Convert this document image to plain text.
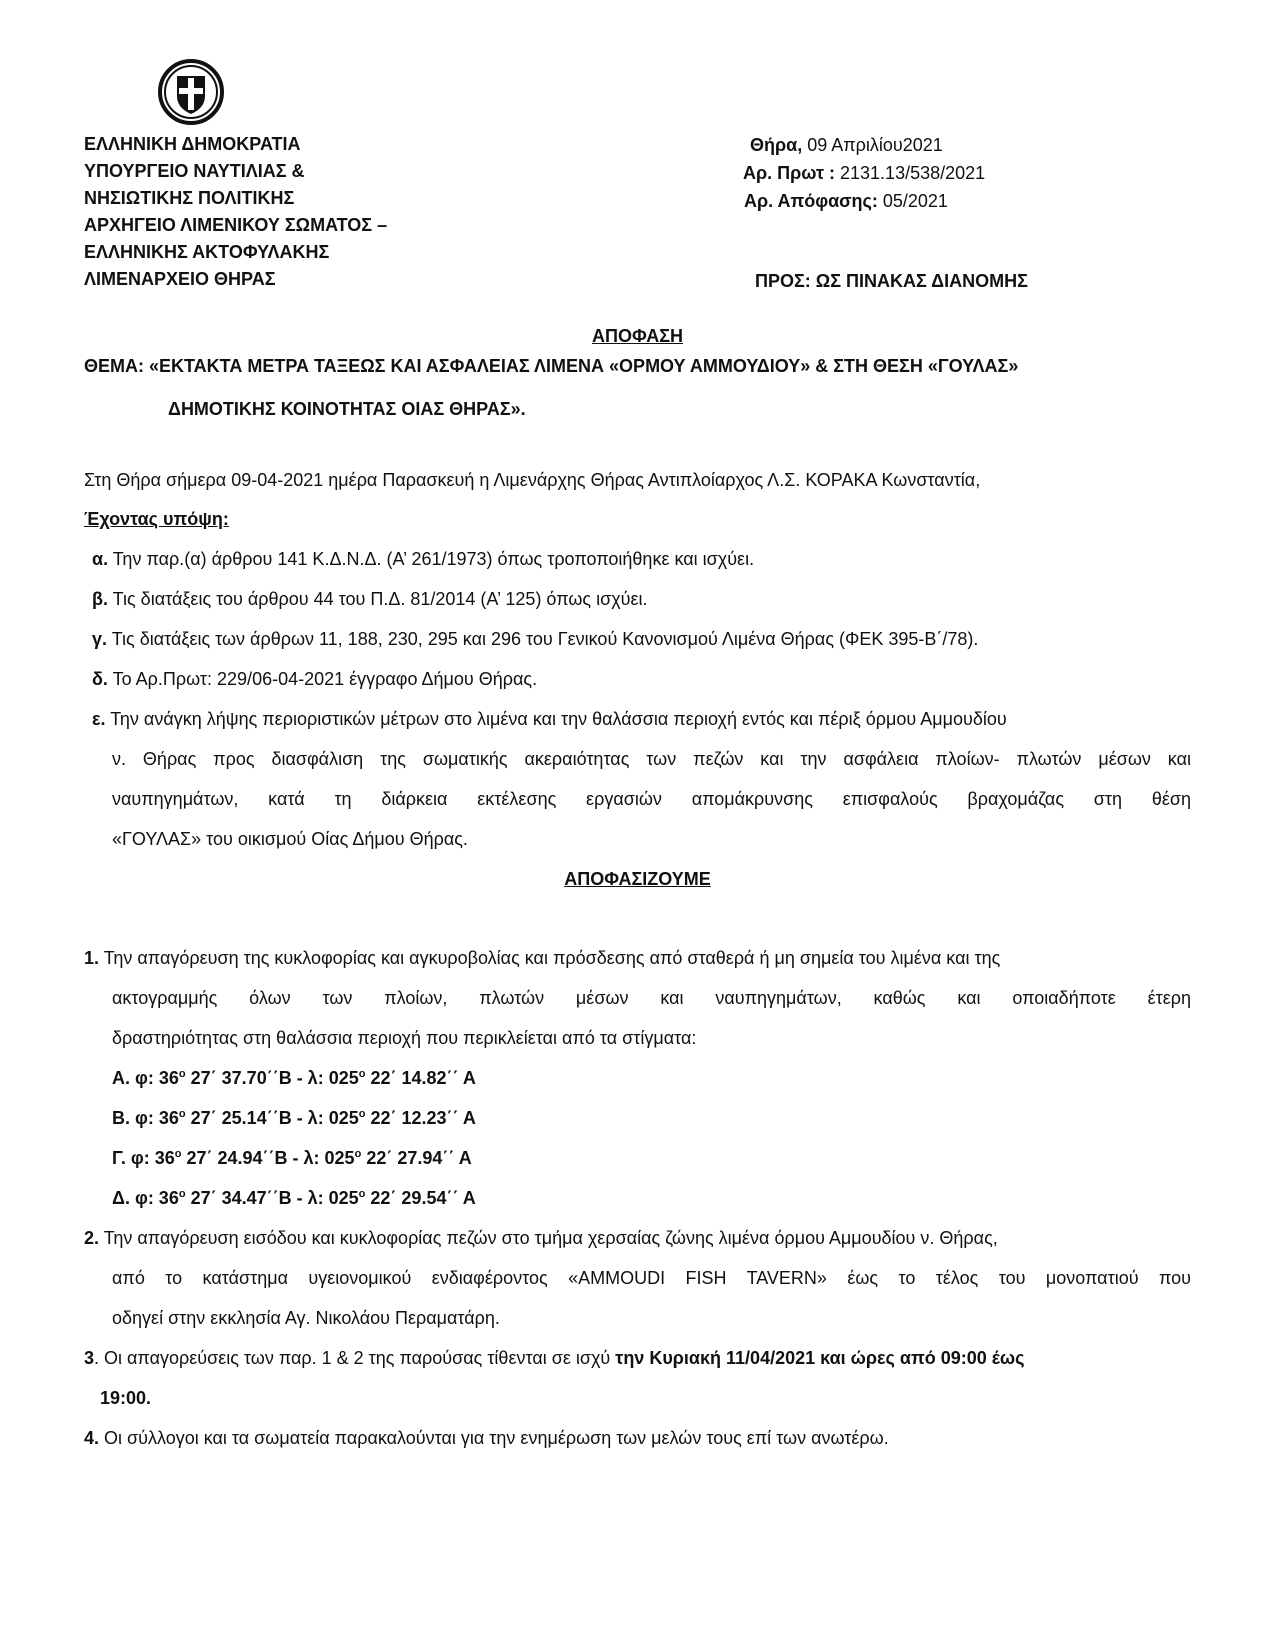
ΕΛΛΗΝΙΚΗ ΔΗΜΟΚΡΑΤΙΑ
ΥΠΟΥΡΓΕΙΟ ΝΑΥΤΙΛΙΑΣ &
ΝΗΣΙΩΤΙΚΗΣ ΠΟΛΙΤΙΚΗΣ
ΑΡΧΗΓΕΙΟ ΛΙΜΕΝΙΚΟΥ ΣΩΜΑΤΟΣ –
ΕΛΛΗΝΙΚΗΣ ΑΚΤΟΦΥΛΑΚΗΣ
ΛΙΜΕΝΑΡΧΕΙΟ ΘΗΡΑΣ
Θήρα, 09 Απριλίου2021
Αρ. Πρωτ : 2131.13/538/2021
Αρ. Απόφασης: 05/2021
ΠΡΟΣ: ΩΣ ΠΙΝΑΚΑΣ ΔΙΑΝΟΜΗΣ
ΑΠΟΦΑΣΗ
ΘΕΜΑ: «ΕΚΤΑΚΤΑ ΜΕΤΡΑ ΤΑΞΕΩΣ ΚΑΙ ΑΣΦΑΛΕΙΑΣ ΛΙΜΕΝΑ «ΟΡΜΟΥ ΑΜΜΟΥΔΙΟΥ» & ΣΤΗ ΘΕΣΗ «ΓΟΥΛΑΣ»
ΔΗΜΟΤΙΚΗΣ ΚΟΙΝΟΤΗΤΑΣ ΟΙΑΣ ΘΗΡΑΣ».
Στη Θήρα σήμερα 09-04-2021 ημέρα Παρασκευή η Λιμενάρχης Θήρας Αντιπλοίαρχος Λ.Σ. ΚΟΡΑΚΑ Κωνσταντία,
Έχοντας υπόψη:
α. Την παρ.(α) άρθρου 141 Κ.Δ.Ν.Δ. (Α’ 261/1973) όπως τροποποιήθηκε και ισχύει.
β. Τις διατάξεις του άρθρου 44 του Π.Δ. 81/2014 (Α’ 125) όπως ισχύει.
γ. Τις διατάξεις των άρθρων 11, 188, 230, 295 και 296 του Γενικού Κανονισμού Λιμένα Θήρας (ΦΕΚ 395-Β΄/78).
δ. Το Αρ.Πρωτ: 229/06-04-2021 έγγραφο Δήμου Θήρας.
ε. Την ανάγκη λήψης περιοριστικών μέτρων στο λιμένα και την θαλάσσια περιοχή εντός και πέριξ όρμου Αμμουδίου
ν. Θήρας προς διασφάλιση της σωματικής ακεραιότητας των πεζών και την ασφάλεια πλοίων- πλωτών μέσων και
ναυπηγημάτων, κατά τη διάρκεια εκτέλεσης εργασιών απομάκρυνσης επισφαλούς βραχομάζας στη θέση
«ΓΟΥΛΑΣ» του οικισμού Οίας Δήμου Θήρας.
ΑΠΟΦΑΣΙΖΟΥΜΕ
1. Την απαγόρευση της κυκλοφορίας και αγκυροβολίας και πρόσδεσης από σταθερά ή μη σημεία του λιμένα και της
ακτογραμμής όλων των πλοίων, πλωτών μέσων και ναυπηγημάτων, καθώς και οποιαδήποτε έτερη
δραστηριότητας στη θαλάσσια περιοχή που περικλείεται από τα στίγματα:
Α. φ: $36^o$ 27΄ 37.70΄΄Β - λ: $025^o$ 22΄ 14.82΄΄ Α
Β. φ: $36^o$ 27΄ 25.14΄΄Β - λ: $025^o$ 22΄ 12.23΄΄ Α
Γ. φ: $36^o$ 27΄ 24.94΄΄Β - λ: $025^o$ 22΄ 27.94΄΄ Α
Δ. φ: $36^o$ 27΄ 34.47΄΄Β - λ: $025^o$ 22΄ 29.54΄΄ Α
2. Την απαγόρευση εισόδου και κυκλοφορίας πεζών στο τμήμα χερσαίας ζώνης λιμένα όρμου Αμμουδίου ν. Θήρας,
από το κατάστημα υγειονομικού ενδιαφέροντος «AMMOUDI FISH TAVERN» έως το τέλος του μονοπατιού που
οδηγεί στην εκκλησία Αγ. Νικολάου Περαματάρη.
3. Οι απαγορεύσεις των παρ. 1 & 2 της παρούσας τίθενται σε ισχύ την Κυριακή 11/04/2021 και ώρες από 09:00 έως
19:00.
4. Οι σύλλογοι και τα σωματεία παρακαλούνται για την ενημέρωση των μελών τους επί των ανωτέρω.
